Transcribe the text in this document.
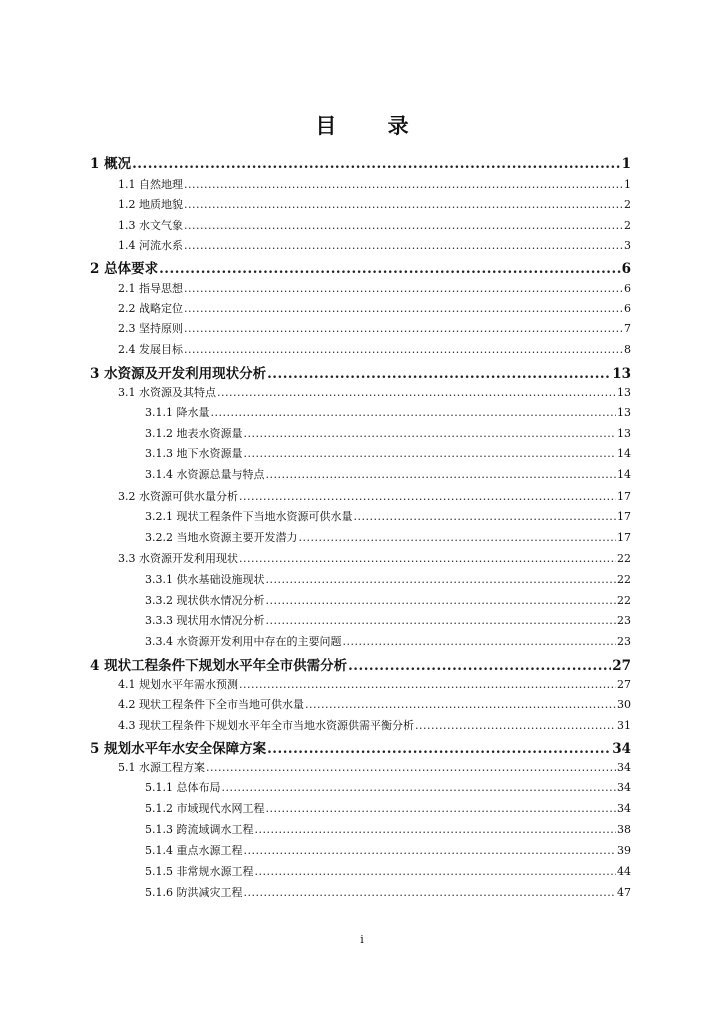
目 录
1 概况 .....	1
1.1 自然地理 .....	1
1.2 地质地貌 .....	2
1.3 水文气象 .....	2
1.4 河流水系 .....	3
2 总体要求 .....	6
2.1 指导思想 .....	6
2.2 战略定位 .....	6
2.3 坚持原则 .....	7
2.4 发展目标 .....	8
3 水资源及开发利用现状分析 .....	13
3.1 水资源及其特点 .....	13
3.1.1 降水量 .....	13
3.1.2 地表水资源量 .....	13
3.1.3 地下水资源量 .....	14
3.1.4 水资源总量与特点 .....	14
3.2 水资源可供水量分析 .....	17
3.2.1 现状工程条件下当地水资源可供水量 .....	17
3.2.2 当地水资源主要开发潜力 .....	17
3.3 水资源开发利用现状 .....	22
3.3.1 供水基础设施现状 .....	22
3.3.2 现状供水情况分析 .....	22
3.3.3 现状用水情况分析 .....	23
3.3.4 水资源开发利用中存在的主要问题 .....	23
4 现状工程条件下规划水平年全市供需分析 .....	27
4.1 规划水平年需水预测 .....	27
4.2 现状工程条件下全市当地可供水量 .....	30
4.3 现状工程条件下规划水平年全市当地水资源供需平衡分析 .....	31
5 规划水平年水安全保障方案 .....	34
5.1 水源工程方案 .....	34
5.1.1 总体布局 .....	34
5.1.2 市域现代水网工程 .....	34
5.1.3 跨流域调水工程 .....	38
5.1.4 重点水源工程 .....	39
5.1.5 非常规水源工程 .....	44
5.1.6 防洪减灾工程 .....	47
i
